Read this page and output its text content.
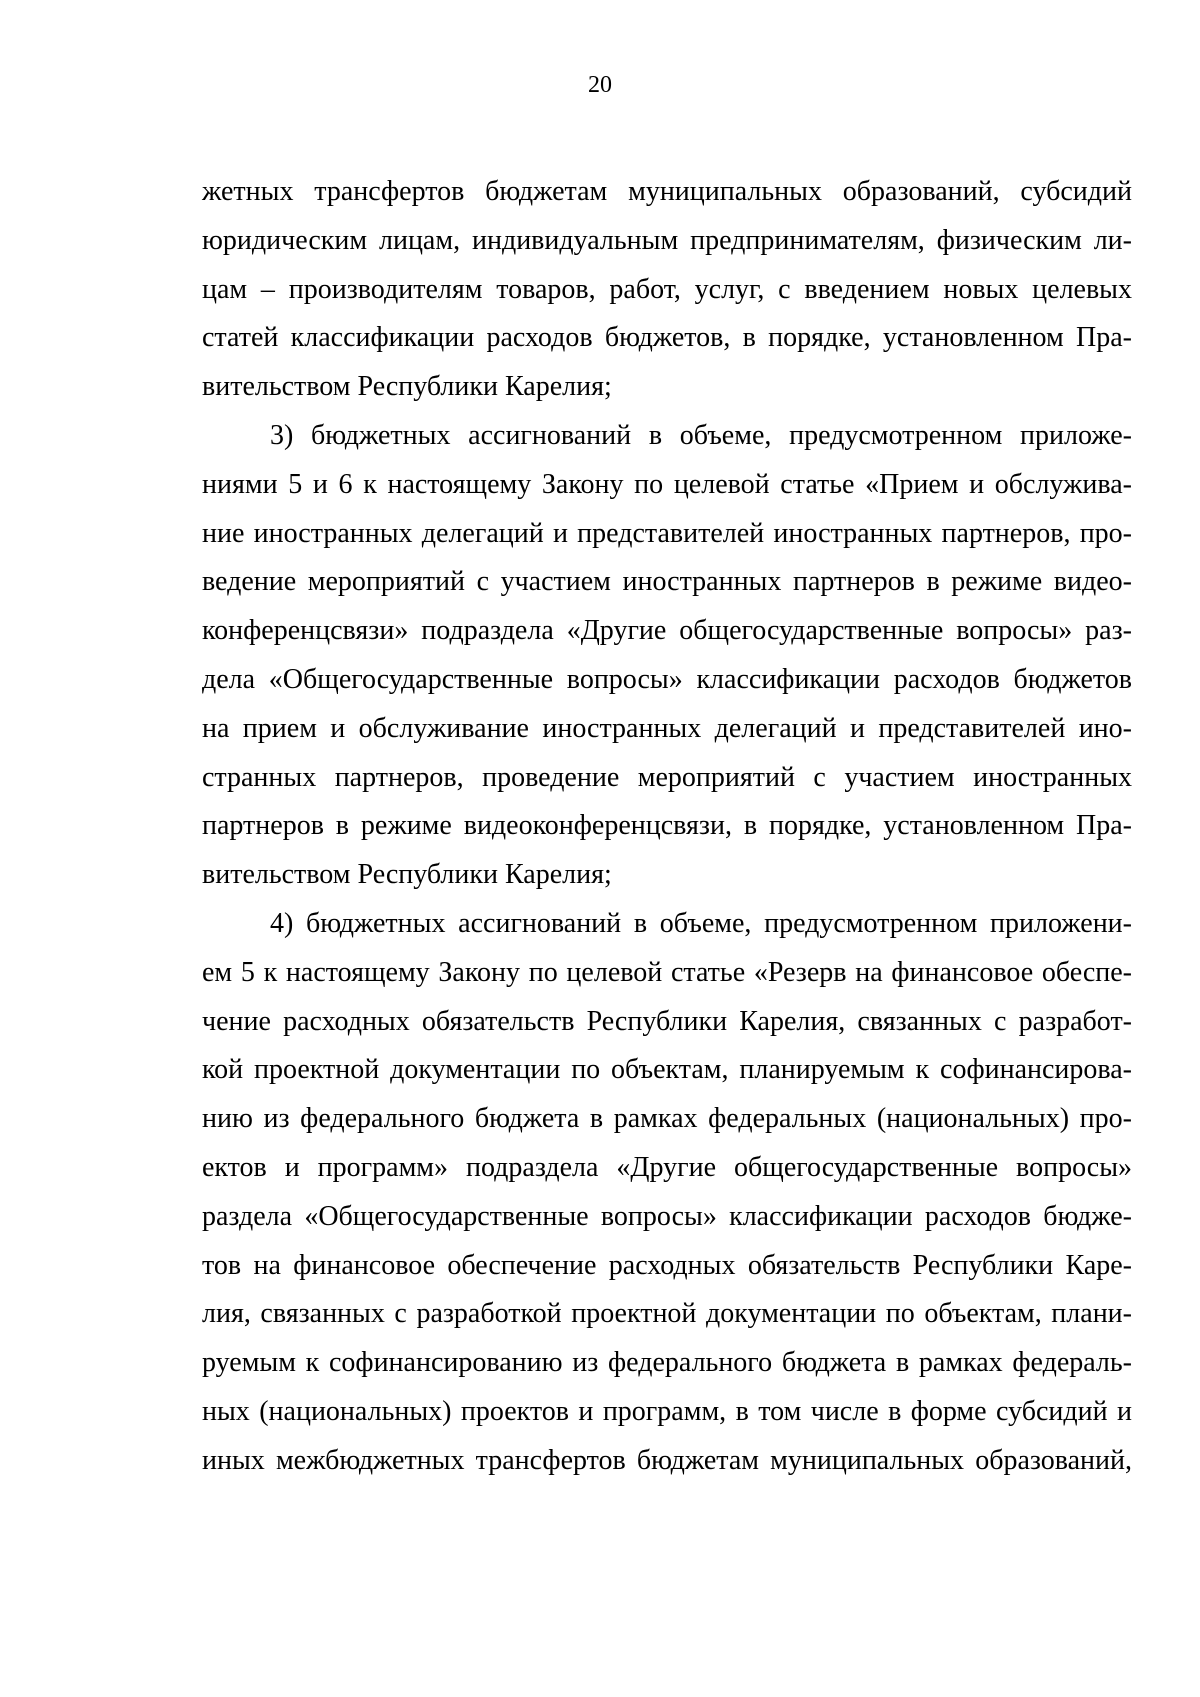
20
жетных трансфертов бюджетам муниципальных образований, субсидий
юридическим лицам, индивидуальным предпринимателям, физическим ли-
цам – производителям товаров, работ, услуг, с введением новых целевых
статей классификации расходов бюджетов, в порядке, установленном Пра-
вительством Республики Карелия;
3) бюджетных ассигнований в объеме, предусмотренном приложе-
ниями 5 и 6 к настоящему Закону по целевой статье «Прием и обслужива-
ние иностранных делегаций и представителей иностранных партнеров, про-
ведение мероприятий с участием иностранных партнеров в режиме видео-
конференцсвязи» подраздела «Другие общегосударственные вопросы» раз-
дела «Общегосударственные вопросы» классификации расходов бюджетов
на прием и обслуживание иностранных делегаций и представителей ино-
странных партнеров, проведение мероприятий с участием иностранных
партнеров в режиме видеоконференцсвязи, в порядке, установленном Пра-
вительством Республики Карелия;
4) бюджетных ассигнований в объеме, предусмотренном приложени-
ем 5 к настоящему Закону по целевой статье «Резерв на финансовое обеспе-
чение расходных обязательств Республики Карелия, связанных с разработ-
кой проектной документации по объектам, планируемым к софинансирова-
нию из федерального бюджета в рамках федеральных (национальных) про-
ектов и программ» подраздела «Другие общегосударственные вопросы»
раздела «Общегосударственные вопросы» классификации расходов бюдже-
тов на финансовое обеспечение расходных обязательств Республики Каре-
лия, связанных с разработкой проектной документации по объектам, плани-
руемым к софинансированию из федерального бюджета в рамках федераль-
ных (национальных) проектов и программ, в том числе в форме субсидий и
иных межбюджетных трансфертов бюджетам муниципальных образований,
